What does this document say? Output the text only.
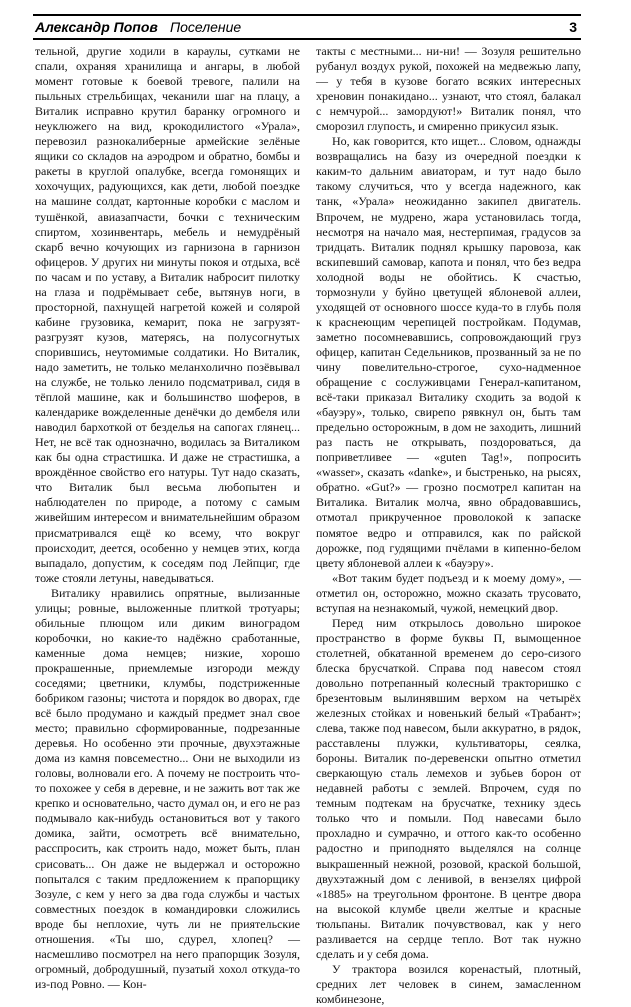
Александр Попов Поселение	3

тельной, другие ходили в караулы, сутками не спали, охраняя хранилища и ангары, в любой момент готовые к боевой тревоге, палили на пыльных стрельбищах, чеканили шаг на плацу, а Виталик исправно крутил баранку огромного и неуклюжего на вид, крокодилистого «Урала», перевозил разнокалиберные армейские зелёные ящики со складов на аэродром и обратно, бомбы и ракеты в круглой опалубке, всегда гомонящих и хохочущих, радующихся, как дети, любой поездке на машине солдат, картонные коробки с маслом и тушёнкой, авиазапчасти, бочки с техническим спиртом, хозинвентарь, мебель и немудрёный скарб вечно кочующих из гарнизона в гарнизон офицеров. У других ни минуты покоя и отдыха, всё по часам и по уставу, а Виталик набросит пилотку на глаза и подрёмывает себе, вытянув ноги, в просторной, пахнущей нагретой кожей и солярой кабине грузовика, кемарит, пока не загрузят-разгрузят кузов, матерясь, на полусогнутых спорившись, неутомимые солдатики. Но Виталик, надо заметить, не только меланхолично позёвывал на службе, не только ленило подсматривал, сидя в тёплой машине, как и большинство шоферов, в календарике вожделенные денёчки до дембеля или наводил бархоткой от безделья на сапогах глянец... Нет, не всё так однозначно, водилась за Виталиком как бы одна страстишка. И даже не страстишка, а врождённое свойство его натуры. Тут надо сказать, что Виталик был весьма любопытен и наблюдателен по природе, а потому с самым живейшим интересом и внимательнейшим образом присматривался ещё ко всему, что вокруг происходит, деется, особенно у немцев этих, когда выпадало, допустим, к соседям под Лейпциг, где тоже стояли летуны, наведываться.

Виталику нравились опрятные, вылизанные улицы; ровные, выложенные плиткой тротуары; обильные плющом или диким виноградом коробочки, но какие-то надёжно сработанные, каменные дома немцев; низкие, хорошо прокрашенные, приемлемые изгороди между соседями; цветники, клумбы, подстриженные бобриком газоны; чистота и порядок во дворах, где всё было продумано и каждый предмет знал свое место; правильно сформированные, подрезанные деревья. Но особенно эти прочные, двухэтажные дома из камня повсеместно... Они не выходили из головы, волновали его. А почему не построить что-то похожее у себя в деревне, и не зажить вот так же крепко и основательно, часто думал он, и его не раз подмывало как-нибудь остановиться вот у такого домика, зайти, осмотреть всё внимательно, расспросить, как строить надо, может быть, план срисовать... Он даже не выдержал и осторожно попытался с таким предложением к прапорщику Зозуле, с кем у него за два года службы и частых совместных поездок в командировки сложились вроде бы неплохие, чуть ли не приятельские отношения. «Ты шо, сдурел, хлопец? — насмешливо посмотрел на него прапорщик Зозуля, огромный, добродушный, пузатый хохол откуда-то из-под Ровно. — Кон-

такты с местными... ни-ни! — Зозуля решительно рубанул воздух рукой, похожей на медвежью лапу, — у тебя в кузове богато всяких интересных хреновин понакидано... узнают, что стоял, балакал с немчурой... замордуют!» Виталик понял, что сморозил глупость, и смиренно прикусил язык.

Но, как говорится, кто ищет... Словом, однажды возвращались на базу из очередной поездки к каким-то дальним авиаторам, и тут надо было такому случиться, что у всегда надежного, как танк, «Урала» неожиданно закипел двигатель. Впрочем, не мудрено, жара установилась тогда, несмотря на начало мая, нестерпимая, градусов за тридцать. Виталик поднял крышку паровоза, как вскипевший самовар, капота и понял, что без ведра холодной воды не обойтись. К счастью, тормознули у буйно цветущей яблоневой аллеи, уходящей от основного шоссе куда-то в глубь поля к краснеющим черепицей постройкам. Подумав, заметно посомневавшись, сопровождающий груз офицер, капитан Седельников, прозванный за не по чину повелительно-строгое, сухо-надменное обращение с сослуживцами Генерал-капитаном, всё-таки приказал Виталику сходить за водой к «бауэру», только, свирепо рявкнул он, быть там предельно осторожным, в дом не заходить, лишний раз пасть не открывать, поздороваться, да поприветливее — «guten Tag!», попросить «wasser», сказать «danke», и быстренько, на рысях, обратно. «Gut?» — грозно посмотрел капитан на Виталика. Виталик молча, явно обрадовавшись, отмотал прикрученное проволокой к запаске помятое ведро и отправился, как по райской дорожке, под гудящими пчёлами в кипенно-белом цвету яблоневой аллеи к «бауэру».

«Вот таким будет подъезд и к моему дому», — отметил он, осторожно, можно сказать трусовато, вступая на незнакомый, чужой, немецкий двор.

Перед ним открылось довольно широкое пространство в форме буквы П, вымощенное столетней, обкатанной временем до серо-сизого блеска брусчаткой. Справа под навесом стоял довольно потрепанный колесный тракторишко с брезентовым вылинявшим верхом на четырёх железных стойках и новенький белый «Трабант»; слева, также под навесом, были аккуратно, в рядок, расставлены плужки, культиваторы, сеялка, бороны. Виталик по-деревенски опытно отметил сверкающую сталь лемехов и зубьев борон от недавней работы с землей. Впрочем, судя по темным подтекам на брусчатке, технику здесь только что и помыли. Под навесами было прохладно и сумрачно, и оттого как-то особенно радостно и приподнято выделялся на солнце выкрашенный нежной, розовой, краской большой, двухэтажный дом с ленивой, в вензелях цифрой «1885» на треугольном фронтоне. В центре двора на высокой клумбе цвели желтые и красные тюльпаны. Виталик почувствовал, как у него разливается на сердце тепло. Вот так нужно сделать и у себя дома.

У трактора возился коренастый, плотный, средних лет человек в синем, замасленном комбинезоне,
